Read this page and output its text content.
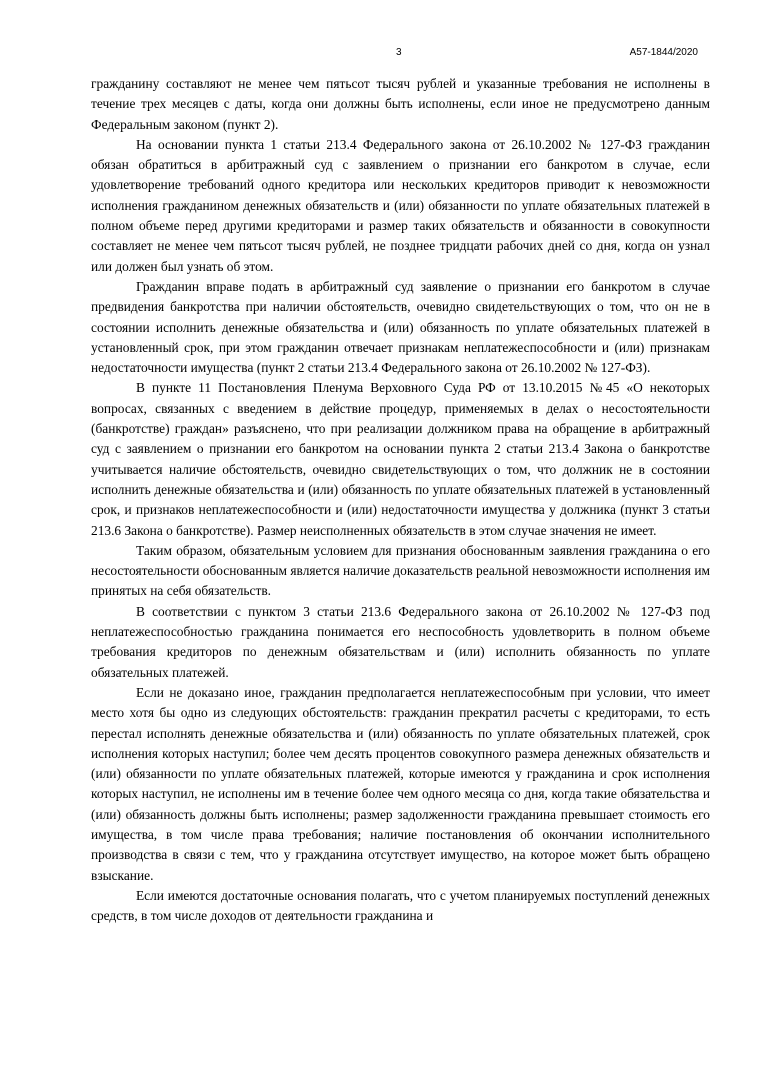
3	А57-1844/2020

гражданину составляют не менее чем пятьсот тысяч рублей и указанные требования не исполнены в течение трех месяцев с даты, когда они должны быть исполнены, если иное не предусмотрено данным Федеральным законом (пункт 2).

На основании пункта 1 статьи 213.4 Федерального закона от 26.10.2002 № 127-ФЗ гражданин обязан обратиться в арбитражный суд с заявлением о признании его банкротом в случае, если удовлетворение требований одного кредитора или нескольких кредиторов приводит к невозможности исполнения гражданином денежных обязательств и (или) обязанности по уплате обязательных платежей в полном объеме перед другими кредиторами и размер таких обязательств и обязанности в совокупности составляет не менее чем пятьсот тысяч рублей, не позднее тридцати рабочих дней со дня, когда он узнал или должен был узнать об этом.

Гражданин вправе подать в арбитражный суд заявление о признании его банкротом в случае предвидения банкротства при наличии обстоятельств, очевидно свидетельствующих о том, что он не в состоянии исполнить денежные обязательства и (или) обязанность по уплате обязательных платежей в установленный срок, при этом гражданин отвечает признакам неплатежеспособности и (или) признакам недостаточности имущества (пункт 2 статьи 213.4 Федерального закона от 26.10.2002 № 127-ФЗ).

В пункте 11 Постановления Пленума Верховного Суда РФ от 13.10.2015 №45 «О некоторых вопросах, связанных с введением в действие процедур, применяемых в делах о несостоятельности (банкротстве) граждан» разъяснено, что при реализации должником права на обращение в арбитражный суд с заявлением о признании его банкротом на основании пункта 2 статьи 213.4 Закона о банкротстве учитывается наличие обстоятельств, очевидно свидетельствующих о том, что должник не в состоянии исполнить денежные обязательства и (или) обязанность по уплате обязательных платежей в установленный срок, и признаков неплатежеспособности и (или) недостаточности имущества у должника (пункт 3 статьи 213.6 Закона о банкротстве). Размер неисполненных обязательств в этом случае значения не имеет.

Таким образом, обязательным условием для признания обоснованным заявления гражданина о его несостоятельности обоснованным является наличие доказательств реальной невозможности исполнения им принятых на себя обязательств.

В соответствии с пунктом 3 статьи 213.6 Федерального закона от 26.10.2002 № 127-ФЗ под неплатежеспособностью гражданина понимается его неспособность удовлетворить в полном объеме требования кредиторов по денежным обязательствам и (или) исполнить обязанность по уплате обязательных платежей.

Если не доказано иное, гражданин предполагается неплатежеспособным при условии, что имеет место хотя бы одно из следующих обстоятельств: гражданин прекратил расчеты с кредиторами, то есть перестал исполнять денежные обязательства и (или) обязанность по уплате обязательных платежей, срок исполнения которых наступил; более чем десять процентов совокупного размера денежных обязательств и (или) обязанности по уплате обязательных платежей, которые имеются у гражданина и срок исполнения которых наступил, не исполнены им в течение более чем одного месяца со дня, когда такие обязательства и (или) обязанность должны быть исполнены; размер задолженности гражданина превышает стоимость его имущества, в том числе права требования; наличие постановления об окончании исполнительного производства в связи с тем, что у гражданина отсутствует имущество, на которое может быть обращено взыскание.

Если имеются достаточные основания полагать, что с учетом планируемых поступлений денежных средств, в том числе доходов от деятельности гражданина и
